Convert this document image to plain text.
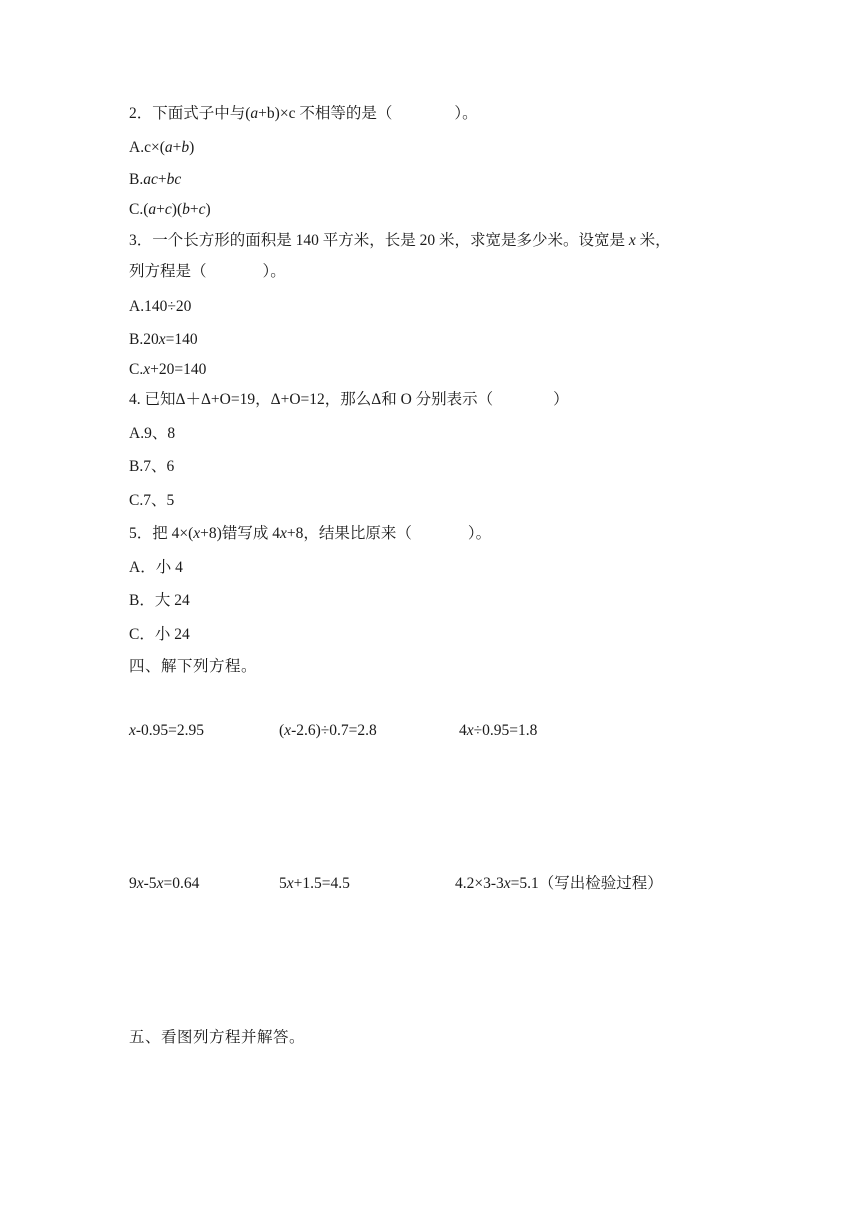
2．下面式子中与(a+b)×c 不相等的是（	）。
A.c×(a+b)
B.ac+bc
C.(a+c)(b+c)
3．一个长方形的面积是 140 平方米，长是 20 米，求宽是多少米。设宽是 x 米，
列方程是（	）。
A.140÷20
B.20x=140
C.x+20=140
4. 已知Δ＋Δ+O=19，Δ+O=12，那么Δ和 O 分别表示（	）
A.9、8
B.7、6
C.7、5
5．把 4×(x+8)错写成 4x+8，结果比原来（	）。
A．小 4
B．大 24
C．小 24
四、解下列方程。
x-0.95=2.95	(x-2.6)÷0.7=2.8	4x÷0.95=1.8
9x-5x=0.64	5x+1.5=4.5	4.2×3-3x=5.1（写出检验过程）
五、看图列方程并解答。
